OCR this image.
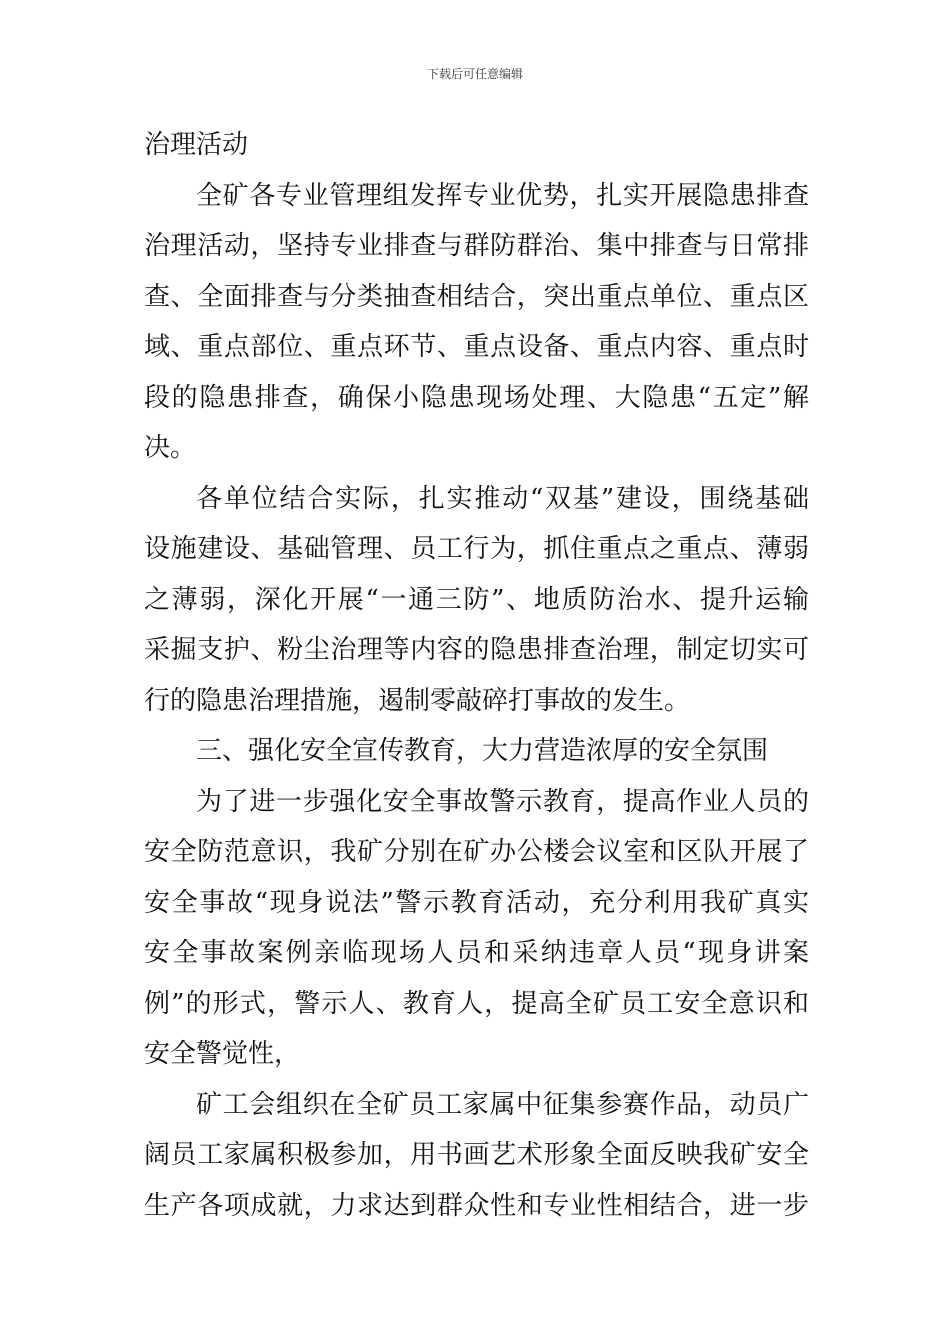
下载后可任意编辑
治理活动
全矿各专业管理组发挥专业优势，扎实开展隐患排查
治理活动，坚持专业排查与群防群治、集中排查与日常排
查、全面排查与分类抽查相结合，突出重点单位、重点区
域、重点部位、重点环节、重点设备、重点内容、重点时
段的隐患排查，确保小隐患现场处理、大隐患“五定”解
决。
各单位结合实际，扎实推动“双基”建设，围绕基础
设施建设、基础管理、员工行为，抓住重点之重点、薄弱
之薄弱，深化开展“一通三防”、地质防治水、提升运输
采掘支护、粉尘治理等内容的隐患排查治理，制定切实可
行的隐患治理措施，遏制零敲碎打事故的发生。
三、强化安全宣传教育，大力营造浓厚的安全氛围
为了进一步强化安全事故警示教育，提高作业人员的
安全防范意识，我矿分别在矿办公楼会议室和区队开展了
安全事故“现身说法”警示教育活动，充分利用我矿真实
安全事故案例亲临现场人员和采纳违章人员“现身讲案
例”的形式，警示人、教育人，提高全矿员工安全意识和
安全警觉性，
矿工会组织在全矿员工家属中征集参赛作品，动员广
阔员工家属积极参加，用书画艺术形象全面反映我矿安全
生产各项成就，力求达到群众性和专业性相结合，进一步
